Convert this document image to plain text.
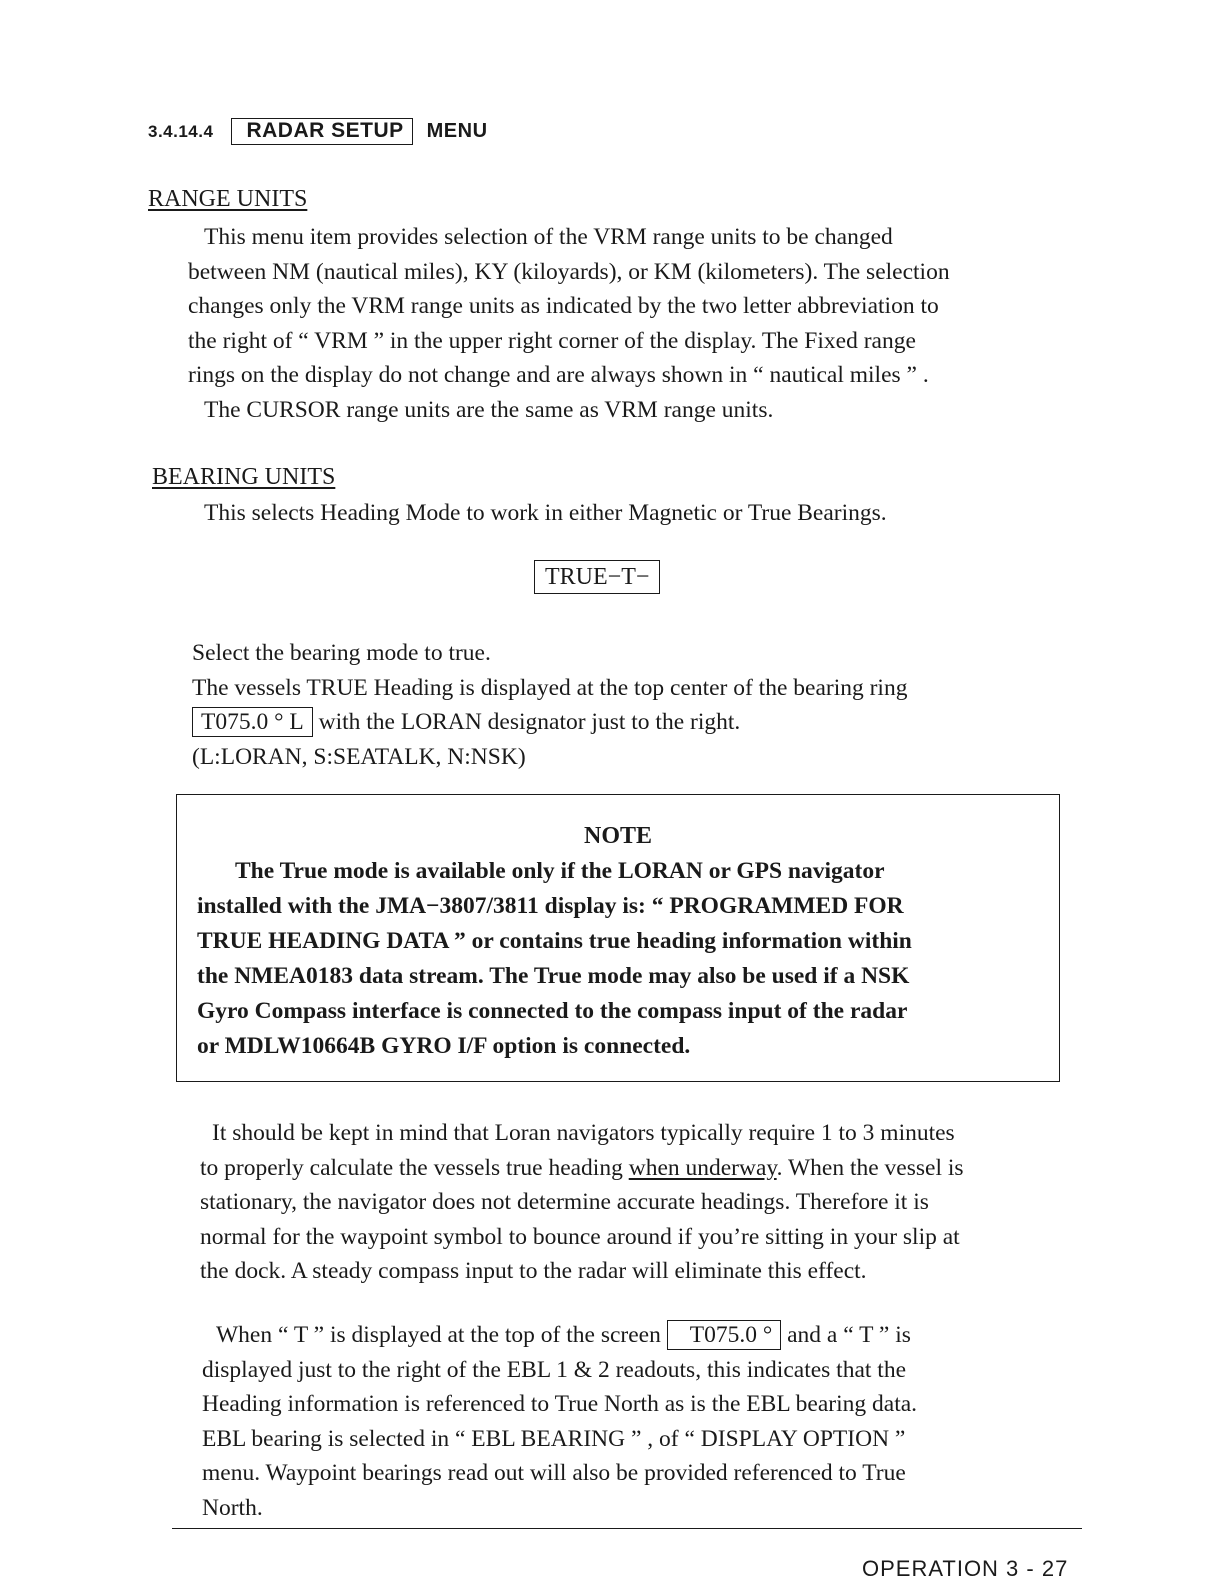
3.4.14.4	RADAR SETUP	MENU
RANGE UNITS

This menu item provides selection of the VRM range units to be changed

between NM (nautical miles), KY (kiloyards), or KM (kilometers). The selection

changes only the VRM range units as indicated by the two letter abbreviation to

the right of “ VRM ” in the upper right corner of the display. The Fixed range

rings on the display do not change and are always shown in “ nautical miles ” .

The CURSOR range units are the same as VRM range units.

BEARING UNITS

This selects Heading Mode to work in either Magnetic or True Bearings.

TRUE−T−

Select the bearing mode to true.

The vessels TRUE Heading is displayed at the top center of the bearing ring

T075.0 ° L with the LORAN designator just to the right.

(L:LORAN, S:SEATALK, N:NSK)

NOTE

The True mode is available only if the LORAN or GPS navigator

installed with the JMA−3807/3811 display is: “ PROGRAMMED FOR

TRUE HEADING DATA ” or contains true heading information within

the NMEA0183 data stream. The True mode may also be used if a NSK

Gyro Compass interface is connected to the compass input of the radar

or MDLW10664B GYRO I/F option is connected.

It should be kept in mind that Loran navigators typically require 1 to 3 minutes

to properly calculate the vessels true heading when underway. When the vessel is

stationary, the navigator does not determine accurate headings. Therefore it is

normal for the waypoint symbol to bounce around if you’re sitting in your slip at

the dock. A steady compass input to the radar will eliminate this effect.

When “ T ” is displayed at the top of the screen T075.0 ° and a “ T ” is

displayed just to the right of the EBL 1 & 2 readouts, this indicates that the

Heading information is referenced to True North as is the EBL bearing data.

EBL bearing is selected in “ EBL BEARING ” , of “ DISPLAY OPTION ”

menu. Waypoint bearings read out will also be provided referenced to True

North.

OPERATION 3 - 27
